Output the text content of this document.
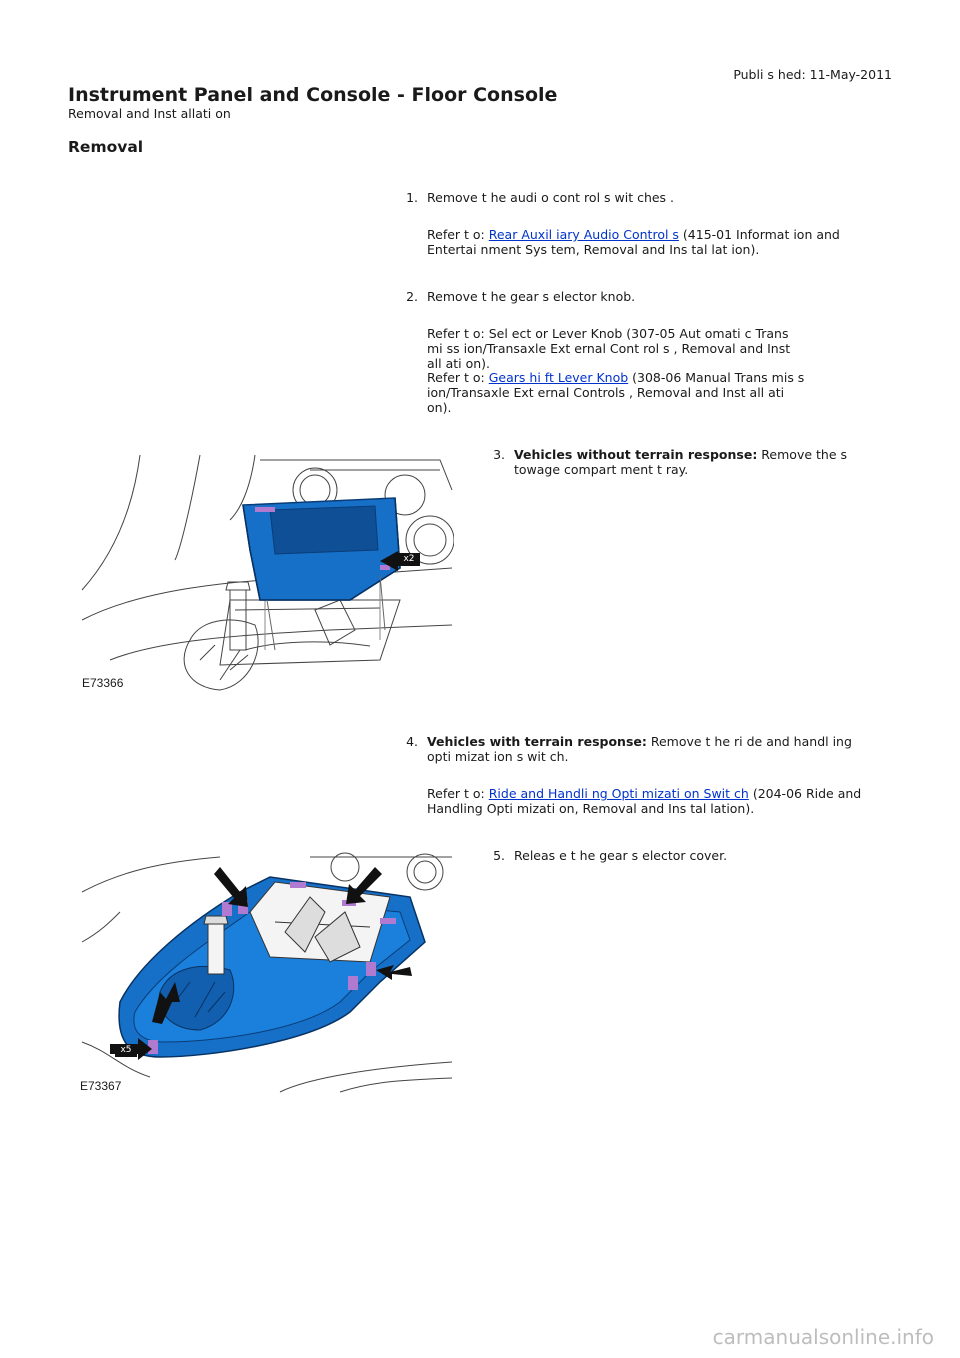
Publi s hed: 11-May-2011
Instrument Panel and Console - Floor Console
Removal and Inst allati on
Removal
1. Remove t he audi o cont rol s wit ches .
Refer t o: Rear Auxil iary Audio Control s (415-01 Informat ion and Entertai nment Sys tem, Removal and Ins tal lat ion).
2. Remove t he gear s elector knob.
Refer t o: Sel ect or Lever Knob (307-05 Aut omati c Trans mi ss ion/Transaxle Ext ernal Cont rol s , Removal and Inst all ati on).
Refer t o: Gears hi ft Lever Knob (308-06 Manual Trans mis s ion/Transaxle Ext ernal Controls , Removal and Inst all ati on).
x2
E73366
3. Vehicles without terrain response: Remove the s towage compart ment t ray.
4. Vehicles with terrain response: Remove t he ri de and handl ing opti mizat ion s wit ch.
Refer t o: Ride and Handli ng Opti mizati on Swit ch (204-06 Ride and Handling Opti mizati on, Removal and Ins tal lation).
x5
E73367
5. Releas e t he gear s elector cover.
carmanualsonline.info
